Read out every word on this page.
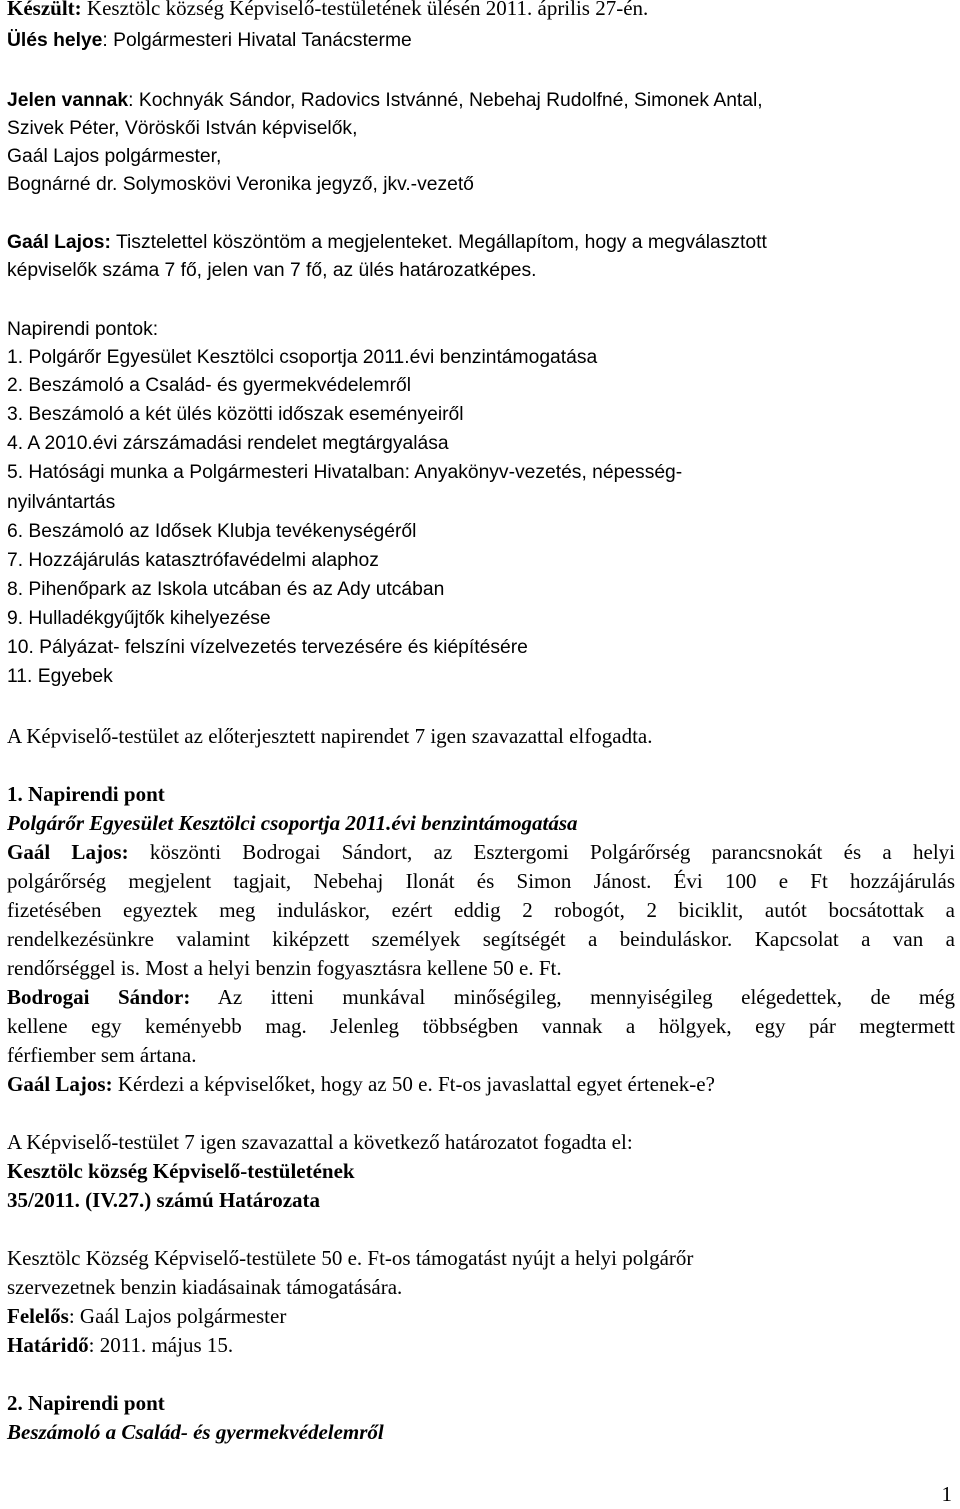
Készült: Kesztölc község Képviselő-testületének ülésén 2011. április 27-én.
Ülés helye: Polgármesteri Hivatal Tanácsterme
Jelen vannak: Kochnyák Sándor, Radovics Istvánné, Nebehaj Rudolfné, Simonek Antal,
Szivek Péter, Vöröskői István képviselők,
Gaál Lajos polgármester,
Bognárné dr. Solymoskövi Veronika jegyző, jkv.-vezető
Gaál Lajos: Tisztelettel köszöntöm a megjelenteket. Megállapítom, hogy a megválasztott
képviselők száma 7 fő, jelen van 7 fő, az ülés határozatképes.
Napirendi pontok:
1. Polgárőr Egyesület Kesztölci csoportja 2011.évi benzintámogatása
2. Beszámoló a Család- és gyermekvédelemről
3. Beszámoló a két ülés közötti időszak eseményeiről
4. A 2010.évi zárszámadási rendelet megtárgyalása
5. Hatósági munka a Polgármesteri Hivatalban: Anyakönyv-vezetés, népesség-
nyilvántartás
6. Beszámoló az Idősek Klubja tevékenységéről
7. Hozzájárulás katasztrófavédelmi alaphoz
8. Pihenőpark az Iskola utcában és az Ady utcában
9. Hulladékgyűjtők kihelyezése
10. Pályázat- felszíni vízelvezetés tervezésére és kiépítésére
11. Egyebek
A Képviselő-testület az előterjesztett napirendet 7 igen szavazattal elfogadta.
1. Napirendi pont
Polgárőr Egyesület Kesztölci csoportja 2011.évi benzintámogatása
Gaál Lajos: köszönti Bodrogai Sándort, az Esztergomi Polgárőrség parancsnokát és a helyi
polgárőrség megjelent tagjait, Nebehaj Ilonát és Simon Jánost. Évi 100 e Ft hozzájárulás
fizetésében egyeztek meg induláskor, ezért eddig 2 robogót, 2 biciklit, autót bocsátottak a
rendelkezésünkre valamint kiképzett személyek segítségét a beinduláskor. Kapcsolat a van a
rendőrséggel is. Most a helyi benzin fogyasztásra kellene 50 e. Ft.
Bodrogai Sándor: Az itteni munkával minőségileg, mennyiségileg elégedettek, de még
kellene egy keményebb mag. Jelenleg többségben vannak a hölgyek, egy pár megtermett
férfiember sem ártana.
Gaál Lajos: Kérdezi a képviselőket, hogy az 50 e. Ft-os javaslattal egyet értenek-e?
A Képviselő-testület 7 igen szavazattal a következő határozatot fogadta el:
Kesztölc község Képviselő-testületének
35/2011. (IV.27.) számú Határozata
Kesztölc Község Képviselő-testülete 50 e. Ft-os támogatást nyújt a helyi polgárőr
szervezetnek benzin kiadásainak támogatására.
Felelős: Gaál Lajos polgármester
Határidő: 2011. május 15.
2. Napirendi pont
Beszámoló a Család- és gyermekvédelemről
1
